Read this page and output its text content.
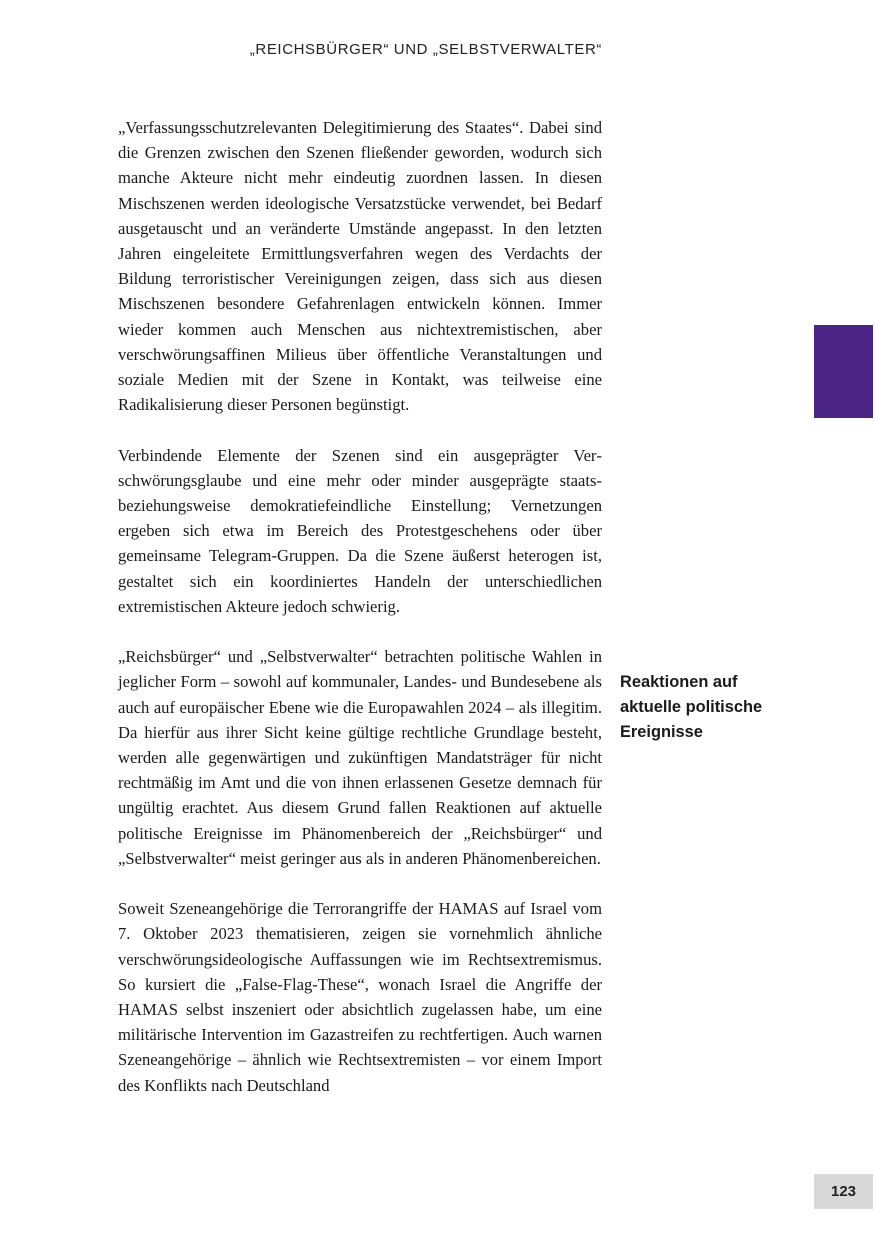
„REICHSBÜRGER“ UND „SELBSTVERWALTER“

„Verfassungsschutzrelevanten Delegitimierung des Staates“. Dabei sind die Grenzen zwischen den Szenen fließender geworden, wodurch sich manche Akteure nicht mehr eindeutig zuordnen lassen. In diesen Mischszenen werden ideologische Versatzstücke verwendet, bei Bedarf ausgetauscht und an veränderte Umstände angepasst. In den letzten Jahren eingeleitete Ermittlungsverfahren wegen des Verdachts der Bildung terroristischer Vereinigungen zeigen, dass sich aus diesen Mischszenen besondere Gefahrenlagen entwickeln können. Immer wieder kommen auch Menschen aus nichtextremistischen, aber verschwörungsaffinen Milieus über öffentliche Veranstaltungen und soziale Medien mit der Szene in Kontakt, was teilweise eine Radikalisierung dieser Personen begünstigt.

Verbindende Elemente der Szenen sind ein ausgeprägter Verschwörungsglaube und eine mehr oder minder ausgeprägte staats- beziehungsweise demokratiefeindliche Einstellung; Vernetzungen ergeben sich etwa im Bereich des Protestgeschehens oder über gemeinsame Telegram-Gruppen. Da die Szene äußerst heterogen ist, gestaltet sich ein koordiniertes Handeln der unterschiedlichen extremistischen Akteure jedoch schwierig.

„Reichsbürger“ und „Selbstverwalter“ betrachten politische Wahlen in jeglicher Form – sowohl auf kommunaler, Landes- und Bundesebene als auch auf europäischer Ebene wie die Europawahlen 2024 – als illegitim. Da hierfür aus ihrer Sicht keine gültige rechtliche Grundlage besteht, werden alle gegenwärtigen und zukünftigen Mandatsträger für nicht rechtmäßig im Amt und die von ihnen erlassenen Gesetze demnach für ungültig erachtet. Aus diesem Grund fallen Reaktionen auf aktuelle politische Ereignisse im Phänomenbereich der „Reichsbürger“ und „Selbstverwalter“ meist geringer aus als in anderen Phänomenbereichen.

Soweit Szeneangehörige die Terrorangriffe der HAMAS auf Israel vom 7. Oktober 2023 thematisieren, zeigen sie vornehmlich ähnliche verschwörungsideologische Auffassungen wie im Rechtsextremismus. So kursiert die „False-Flag-These“, wonach Israel die Angriffe der HAMAS selbst inszeniert oder absichtlich zugelassen habe, um eine militärische Intervention im Gazastreifen zu rechtfertigen. Auch warnen Szeneangehörige – ähnlich wie Rechtsextremisten – vor einem Import des Konflikts nach Deutschland

Reaktionen auf
aktuelle politische
Ereignisse
123
